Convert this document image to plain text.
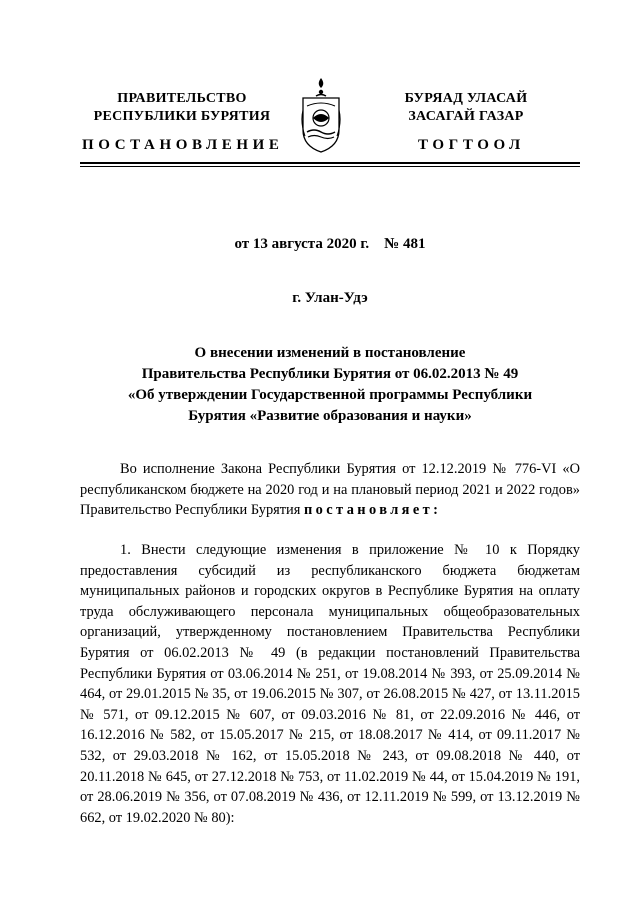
ПРАВИТЕЛЬСТВО
РЕСПУБЛИКИ БУРЯТИЯ
БУРЯАД УЛАСАЙ
ЗАСАГАЙ ГАЗАР
ПОСТАНОВЛЕНИЕ	ТОГТООЛ
от 13 августа 2020 г.    № 481
г. Улан-Удэ
О внесении изменений в постановление
Правительства Республики Бурятия от 06.02.2013 № 49
«Об утверждении Государственной программы Республики
Бурятия «Развитие образования и науки»

Во исполнение Закона Республики Бурятия от 12.12.2019 № 776-VI «О республиканском бюджете на 2020 год и на плановый период 2021 и 2022 годов» Правительство Республики Бурятия постановляет:

1. Внести следующие изменения в приложение № 10 к Порядку предоставления субсидий из республиканского бюджета бюджетам муниципальных районов и городских округов в Республике Бурятия на оплату труда обслуживающего персонала муниципальных общеобразовательных организаций, утвержденному постановлением Правительства Республики Бурятия от 06.02.2013 № 49 (в редакции постановлений Правительства Республики Бурятия от 03.06.2014 № 251, от 19.08.2014 № 393, от 25.09.2014 № 464, от 29.01.2015 № 35, от 19.06.2015 № 307, от 26.08.2015 № 427, от 13.11.2015 № 571, от 09.12.2015 № 607, от 09.03.2016 № 81, от 22.09.2016 № 446, от 16.12.2016 № 582, от 15.05.2017 № 215, от 18.08.2017 № 414, от 09.11.2017 № 532, от 29.03.2018 № 162, от 15.05.2018 № 243, от 09.08.2018 № 440, от 20.11.2018 № 645, от 27.12.2018 № 753, от 11.02.2019 № 44, от 15.04.2019 № 191, от 28.06.2019 № 356, от 07.08.2019 № 436, от 12.11.2019 № 599, от 13.12.2019 № 662, от 19.02.2020 № 80):
